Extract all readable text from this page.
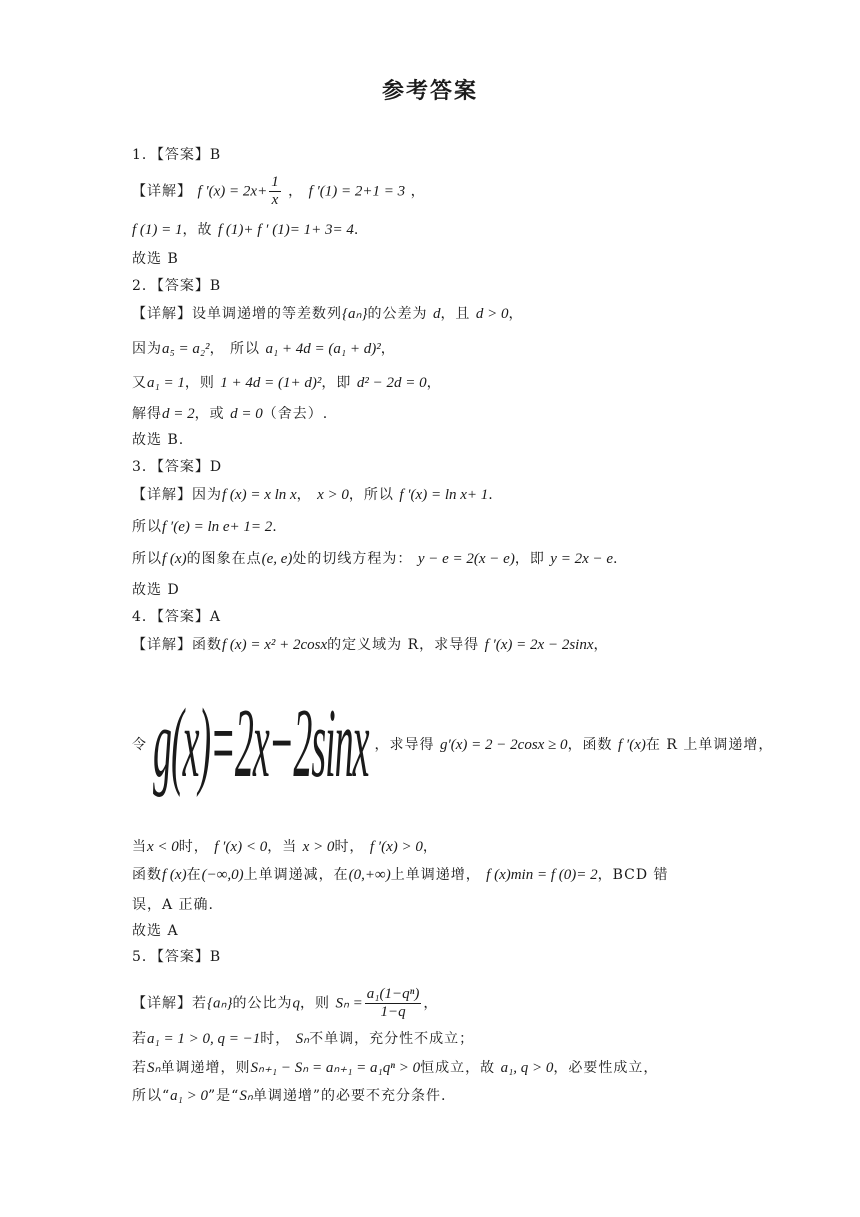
参考答案
1．【答案】B
【详解】 f $'(x) = 2x+ \frac{1}{x}$ ， f ′(1) = 2+1 = 3 ，
f (1) = 1，故 f (1)+ f ′ (1)= 1+ 3= 4.
故选 B
2．【答案】B
【详解】设单调递增的等差数列{aₙ}的公差为 d，且 d > 0，
因为a₅ = a₂²， 所以 a₁ + 4d = (a₁ + d)²，
又a₁ = 1，则 1 + 4d = (1+ d)²，即 d² − 2d = 0，
解得d = 2，或 d = 0（舍去）.
故选 B.
3．【答案】D
【详解】因为f (x) = x ln x， x > 0，所以 f ′(x) = ln x+ 1.
所以f ′(e) = ln e+ 1= 2.
所以f (x)的图象在点(e, e)处的切线方程为： y − e = 2(x − e)，即 y = 2x − e.
故选 D
4．【答案】A
【详解】函数f (x) = x² + 2cosx的定义域为 R，求导得 f ′(x) = 2x − 2sinx，
令 g(x)=2x−2sinx ，求导得 g′(x) = 2 − 2cosx ≥ 0，函数 f ′(x)在 R 上单调递增，
当x < 0时， f ′(x) < 0，当 x > 0时， f ′(x) > 0，
函数f (x)在(−∞,0)上单调递减，在(0,+∞)上单调递增， f (x)min = f (0)= 2，BCD 错
误，A 正确.
故选 A
5．【答案】B
【详解】若{aₙ}的公比为q，则 $S_n = \frac{\text{a₁(1−qⁿ)}}{1-q}$ ，
若a₁ = 1 > 0, q = −1时， Sₙ不单调，充分性不成立；
若Sₙ单调递增，则Sₙ₊₁ − Sₙ = aₙ₊₁ = a₁qⁿ > 0恒成立，故 a₁, q > 0，必要性成立，
所以“a₁ > 0”是“Sₙ单调递增”的必要不充分条件.
